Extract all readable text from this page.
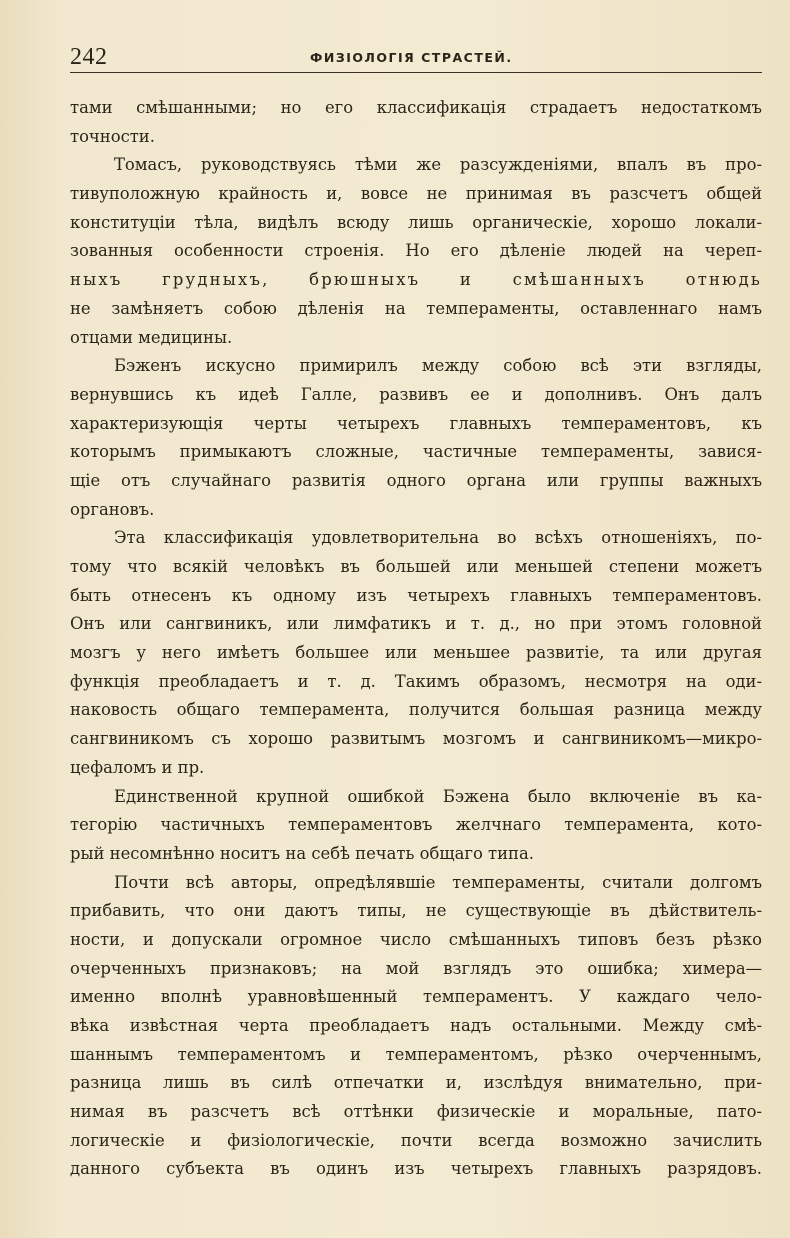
242	ФИЗІОЛОГІЯ СТРАСТЕЙ.
тами смѣшанными; но его классификація страдаетъ недостаткомъ
точности.
Томасъ, руководствуясь тѣми же разсужденіями, впалъ въ про-
тивуположную крайность и, вовсе не принимая въ разсчетъ общей
конституціи тѣла, видѣлъ всюду лишь органическіе, хорошо локали-
зованныя особенности строенія. Но его дѣленіе людей на череп-
ныхъ грудныхъ, брюшныхъ и смѣшанныхъ отнюдь
не замѣняетъ собою дѣленія на темпераменты, оставленнаго намъ
отцами медицины.
Бэженъ искусно примирилъ между собою всѣ эти взгляды,
вернувшись къ идеѣ Галле, развивъ ее и дополнивъ. Онъ далъ
характеризующія черты четырехъ главныхъ темпераментовъ, къ
которымъ примыкаютъ сложные, частичные темпераменты, завися-
щіе отъ случайнаго развитія одного органа или группы важныхъ
органовъ.
Эта классификація удовлетворительна во всѣхъ отношеніяхъ, по-
тому что всякій человѣкъ въ большей или меньшей степени можетъ
быть отнесенъ къ одному изъ четырехъ главныхъ темпераментовъ.
Онъ или сангвиникъ, или лимфатикъ и т. д., но при этомъ головной
мозгъ у него имѣетъ большее или меньшее развитіе, та или другая
функція преобладаетъ и т. д. Такимъ образомъ, несмотря на оди-
наковость общаго темперамента, получится большая разница между
сангвиникомъ съ хорошо развитымъ мозгомъ и сангвиникомъ—микро-
цефаломъ и пр.
Единственной крупной ошибкой Бэжена было включеніе въ ка-
тегорію частичныхъ темпераментовъ желчнаго темперамента, кото-
рый несомнѣнно носитъ на себѣ печать общаго типа.
Почти всѣ авторы, опредѣлявшіе темпераменты, считали долгомъ
прибавить, что они даютъ типы, не существующіе въ дѣйствитель-
ности, и допускали огромное число смѣшанныхъ типовъ безъ рѣзко
очерченныхъ признаковъ; на мой взглядъ это ошибка; химера—
именно вполнѣ уравновѣшенный темпераментъ. У каждаго чело-
вѣка извѣстная черта преобладаетъ надъ остальными. Между смѣ-
шаннымъ темпераментомъ и темпераментомъ, рѣзко очерченнымъ,
разница лишь въ силѣ отпечатки и, изслѣдуя внимательно, при-
нимая въ разсчетъ всѣ оттѣнки физическіе и моральные, пато-
логическіе и физіологическіе, почти всегда возможно зачислить
данного субъекта въ одинъ изъ четырехъ главныхъ разрядовъ.
